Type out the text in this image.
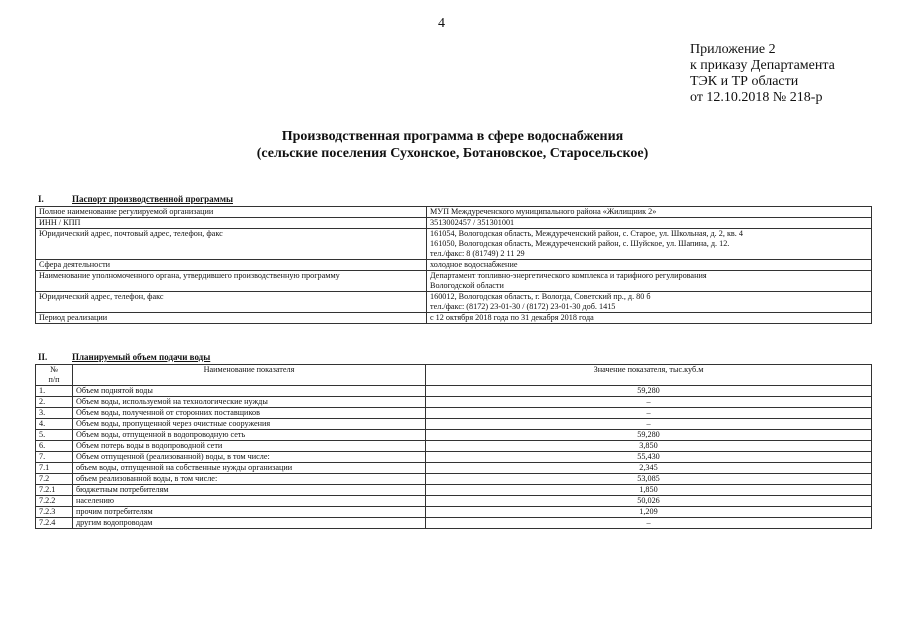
4
Приложение 2
к приказу Департамента
ТЭК и ТР области
от 12.10.2018 № 218-р
Производственная программа в сфере водоснабжения
(сельские поселения Сухонское, Ботановское, Старосельское)
I.	Паспорт производственной программы
Полное наименование регулируемой организации	МУП Междуреченского муниципального района «Жилищник 2»

ИНН / КПП	3513002457 / 351301001

Юридический адрес, почтовый адрес, телефон, факс	161054, Вологодская область, Междуреченский район, с. Старое, ул. Школьная, д. 2, кв. 4
161050, Вологодская область, Междуреченский район, с. Шуйское, ул. Шапина, д. 12.
тел./факс: 8 (81749) 2 11 29

Сфера деятельности	холодное водоснабжение

Наименование уполномоченного органа, утвердившего производственную программу	Департамент топливно-энергетического комплекса и тарифного регулирования
Вологодской области

Юридический адрес, телефон, факс	160012, Вологодская область, г. Вологда, Советский пр., д. 80 б
тел./факс: (8172) 23-01-30 / (8172) 23-01-30 доб. 1415

Период реализации	с 12 октября 2018 года по 31 декабря 2018 года
II.	Планируемый объем подачи воды
№
п/п	Наименование показателя	Значение показателя, тыс.куб.м
1.	Объем поднятой воды	59,280
2.	Объем воды, используемой на технологические нужды	–
3.	Объем воды, полученной от сторонних поставщиков	–
4.	Объем воды, пропущенной через очистные сооружения	–
5.	Объем воды, отпущенной в водопроводную сеть	59,280
6.	Объем потерь воды в водопроводной сети	3,850
7.	Объем отпущенной (реализованной) воды, в том числе:	55,430
7.1	объем воды, отпущенной на собственные нужды организации	2,345
7.2	объем реализованной воды, в том числе:	53,085
7.2.1	бюджетным потребителям	1,850
7.2.2	населению	50,026
7.2.3	прочим потребителям	1,209
7.2.4	другим водопроводам	–
